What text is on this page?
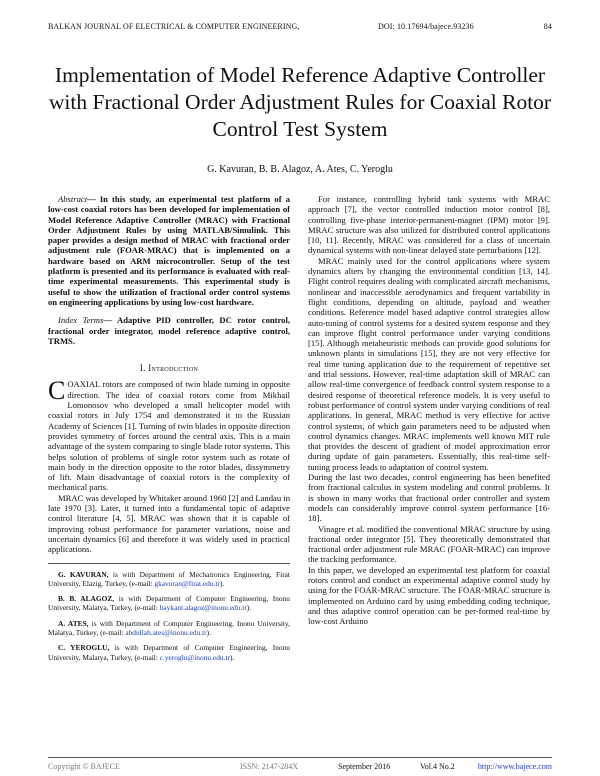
BALKAN JOURNAL OF ELECTRICAL & COMPUTER ENGINEERING,	DOI: 10.17694/bajece.93236	84
Implementation of Model Reference Adaptive Controller with Fractional Order Adjustment Rules for Coaxial Rotor Control Test System
G. Kavuran, B. B. Alagoz, A. Ates, C. Yeroglu

Abstract— In this study, an experimental test platform of a low-cost coaxial rotors has been developed for implementation of Model Reference Adaptive Controller (MRAC) with Fractional Order Adjustment Rules by using MATLAB/Simulink. This paper provides a design method of MRAC with fractional order adjustment rule (FOAR-MRAC) that is implemented on a hardware based on ARM microcontroller. Setup of the test platform is presented and its performance is evaluated with real-time experimental measurements. This experimental study is useful to show the utilization of fractional order control systems on engineering applications by using low-cost hardware.

Index Terms— Adaptive PID controller, DC rotor control, fractional order integrator, model reference adaptive control, TRMS.

I. Introduction

COAXIAL rotors are composed of twin blade turning in opposite direction. The idea of coaxial rotors come from Mikhail Lomonosov who developed a small helicopter model with coaxial rotors in July 1754 and demonstrated it to the Russian Academy of Sciences [1]. Turning of twin blades in opposite direction provides symmetry of forces around the central axis. This is a main advantage of the system comparing to single blade rotor systems. This helps solution of problems of single rotor system such as rotate of main body in the direction opposite to the rotor blades, dissymmetry of lift. Main disadvantage of coaxial rotors is the complexity of mechanical parts.

MRAC was developed by Whitaker around 1960 [2] and Landau in late 1970 [3]. Later, it turned into a fundamental topic of adaptive control literature [4, 5]. MRAC was shown that it is capable of improving robust performance for parameter variations, noise and uncertain dynamics [6] and therefore it was widely used in practical applications.

G. KAVURAN, is with Department of Mechatronics Engineering, Firat University, Elazig, Turkey, (e-mail: gkavuran@firat.edu.tr).

B. B. ALAGOZ, is with Department of Computer Engineering, Inonu University, Malatya, Turkey, (e-mail: baykant.alagoz@inonu.edu.tr).

A. ATES, is with Department of Computer Engineering, Inonu University, Malatya, Turkey, (e-mail: abdullah.ates@inonu.edu.tr).

C. YEROGLU, is with Department of Computer Engineering, Inonu University, Malatya, Turkey, (e-mail: c.yeroglu@inonu.edu.tr).

For instance, controlling hybrid tank systems with MRAC approach [7], the vector controlled induction motor control [8], controlling five-phase interior-permanent-magnet (IPM) motor [9]. MRAC structure was also utilized for distributed control applications [10, 11]. Recently, MRAC was considered for a class of uncertain dynamical systems with non-linear delayed state perturbations [12].

MRAC mainly used for the control applications where system dynamics alters by changing the environmental condition [13, 14]. Flight control requires dealing with complicated aircraft mechanisms, nonlinear and inaccessible aerodynamics and frequent variability in flight conditions, depending on altitude, payload and weather conditions. Reference model based adaptive control strategies allow auto-tuning of control systems for a desired system response and they can improve flight control performance under varying conditions [15]. Although metaheuristic methods can provide good solutions for unknown plants in simulations [15], they are not very effective for real time tuning application due to the requirement of repetitive set and trial sessions. However, real-time adaptation skill of MRAC can allow real-time convergence of feedback control system response to a desired response of theoretical reference models. It is very useful to robust performance of control system under varying conditions of real applications. In general, MRAC method is very effective for active control systems, of which gain parameters need to be adjusted when control dynamics changes. MRAC implements well known MIT rule that provides the descent of gradient of model approximation error during update of gain parameters. Essentially, this real-time self-tuning process leads to adaptation of control system.

During the last two decades, control engineering has been benefited from fractional calculus in system modeling and control problems. It is shown in many works that fractional order controller and system models can considerably improve control system performance [16-18].

Vinagre et al. modified the conventional MRAC structure by using fractional order integrator [5]. They theoretically demonstrated that fractional order adjustment rule MRAC (FOAR-MRAC) can improve the tracking performance.

In this paper, we developed an experimental test platform for coaxial rotors control and conduct an experimental adaptive control study by using for the FOAR-MRAC structure. The FOAR-MRAC structure is implemented on Arduino card by using embedding coding technique, and thus adaptive control operation can be per-formed real-time by low-cost Arduino

Copyright © BAJECE	ISSN: 2147-284X	September 2016	Vol.4 No.2	http://www.bajece.com
